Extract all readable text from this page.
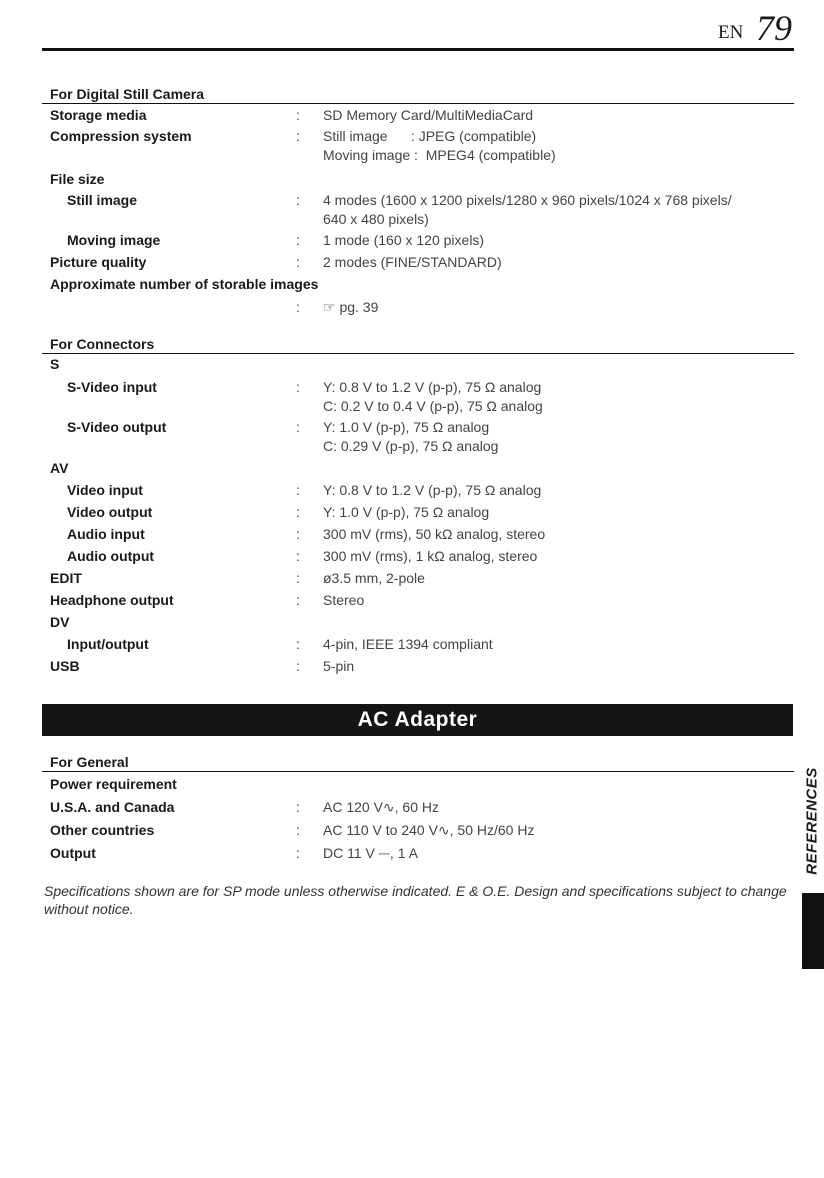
EN 79
For Digital Still Camera
Storage media	: SD Memory Card/MultiMediaCard
Compression system	: Still image      : JPEG (compatible)
Moving image :  MPEG4 (compatible)
File size
Still image	: 4 modes (1600 x 1200 pixels/1280 x 960 pixels/1024 x 768 pixels/
640 x 480 pixels)
Moving image	: 1 mode (160 x 120 pixels)
Picture quality	: 2 modes (FINE/STANDARD)
Approximate number of storable images
: ☞ pg. 39
For Connectors
S
S-Video input	: Y: 0.8 V to 1.2 V (p-p), 75 Ω analog
C: 0.2 V to 0.4 V (p-p), 75 Ω analog
S-Video output	: Y: 1.0 V (p-p), 75 Ω analog
C: 0.29 V (p-p), 75 Ω analog
AV
Video input	: Y: 0.8 V to 1.2 V (p-p), 75 Ω analog
Video output	: Y: 1.0 V (p-p), 75 Ω analog
Audio input	: 300 mV (rms), 50 kΩ analog, stereo
Audio output	: 300 mV (rms), 1 kΩ analog, stereo
EDIT	: ø3.5 mm, 2-pole
Headphone output	: Stereo
DV
Input/output	: 4-pin, IEEE 1394 compliant
USB	: 5-pin
AC Adapter
For General
Power requirement
U.S.A. and Canada	: AC 120 V∿, 60 Hz
Other countries	: AC 110 V to 240 V∿, 50 Hz/60 Hz
Output	: DC 11 V ⎓, 1 A
Specifications shown are for SP mode unless otherwise indicated. E & O.E. Design and specifications subject to change without notice.
REFERENCES
